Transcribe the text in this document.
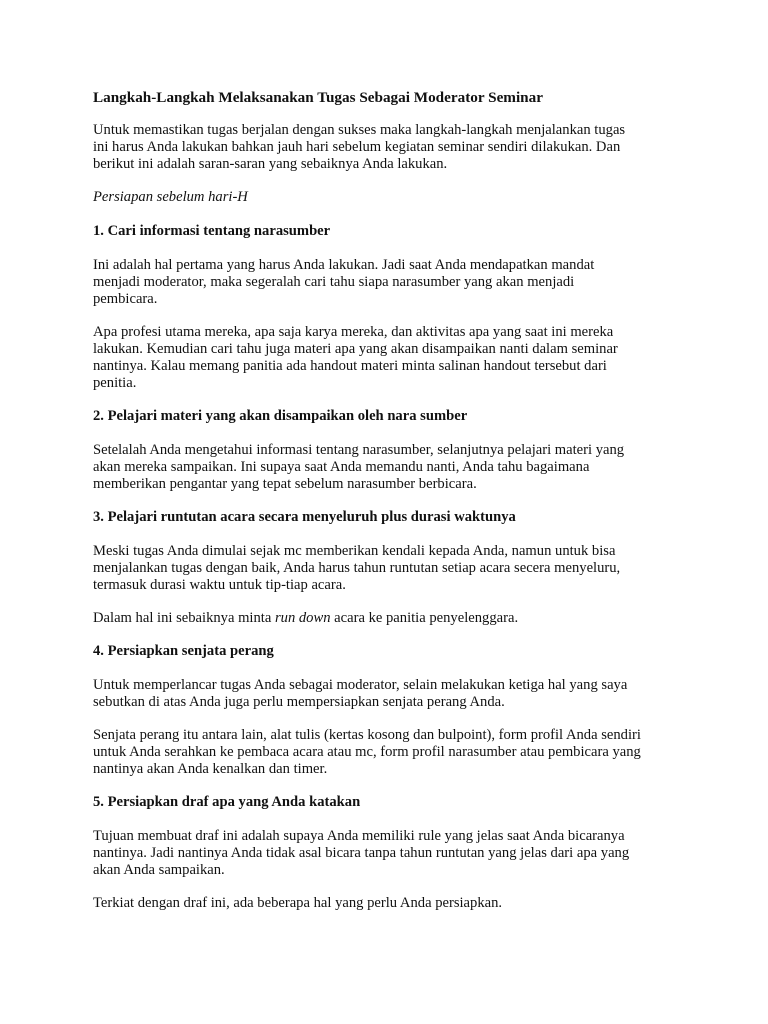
Langkah-Langkah Melaksanakan Tugas Sebagai Moderator Seminar
Untuk memastikan tugas berjalan dengan sukses maka langkah-langkah menjalankan tugas
ini harus Anda lakukan bahkan jauh hari sebelum kegiatan seminar sendiri dilakukan. Dan
berikut ini adalah saran-saran yang sebaiknya Anda lakukan.
Persiapan sebelum hari-H
1. Cari informasi tentang narasumber
Ini adalah hal pertama yang harus Anda lakukan. Jadi saat Anda mendapatkan mandat
menjadi moderator, maka segeralah cari tahu siapa narasumber yang akan menjadi
pembicara.
Apa profesi utama mereka, apa saja karya mereka, dan aktivitas apa yang saat ini mereka
lakukan. Kemudian cari tahu juga materi apa yang akan disampaikan nanti dalam seminar
nantinya. Kalau memang panitia ada handout materi minta salinan handout tersebut dari
penitia.
2. Pelajari materi yang akan disampaikan oleh nara sumber
Setelalah Anda mengetahui informasi tentang narasumber, selanjutnya pelajari materi yang
akan mereka sampaikan. Ini supaya saat Anda memandu nanti, Anda tahu bagaimana
memberikan pengantar yang tepat sebelum narasumber berbicara.
3. Pelajari runtutan acara secara menyeluruh plus durasi waktunya
Meski tugas Anda dimulai sejak mc memberikan kendali kepada Anda, namun untuk bisa
menjalankan tugas dengan baik, Anda harus tahun runtutan setiap acara secera menyeluru,
termasuk durasi waktu untuk tip-tiap acara.
Dalam hal ini sebaiknya minta run down acara ke panitia penyelenggara.
4. Persiapkan senjata perang
Untuk memperlancar tugas Anda sebagai moderator, selain melakukan ketiga hal yang saya
sebutkan di atas Anda juga perlu mempersiapkan senjata perang Anda.
Senjata perang itu antara lain, alat tulis (kertas kosong dan bulpoint), form profil Anda sendiri
untuk Anda serahkan ke pembaca acara atau mc, form profil narasumber atau pembicara yang
nantinya akan Anda kenalkan dan timer.
5. Persiapkan draf apa yang Anda katakan
Tujuan membuat draf ini adalah supaya Anda memiliki rule yang jelas saat Anda bicaranya
nantinya. Jadi nantinya Anda tidak asal bicara tanpa tahun runtutan yang jelas dari apa yang
akan Anda sampaikan.
Terkiat dengan draf ini, ada beberapa hal yang perlu Anda persiapkan.
